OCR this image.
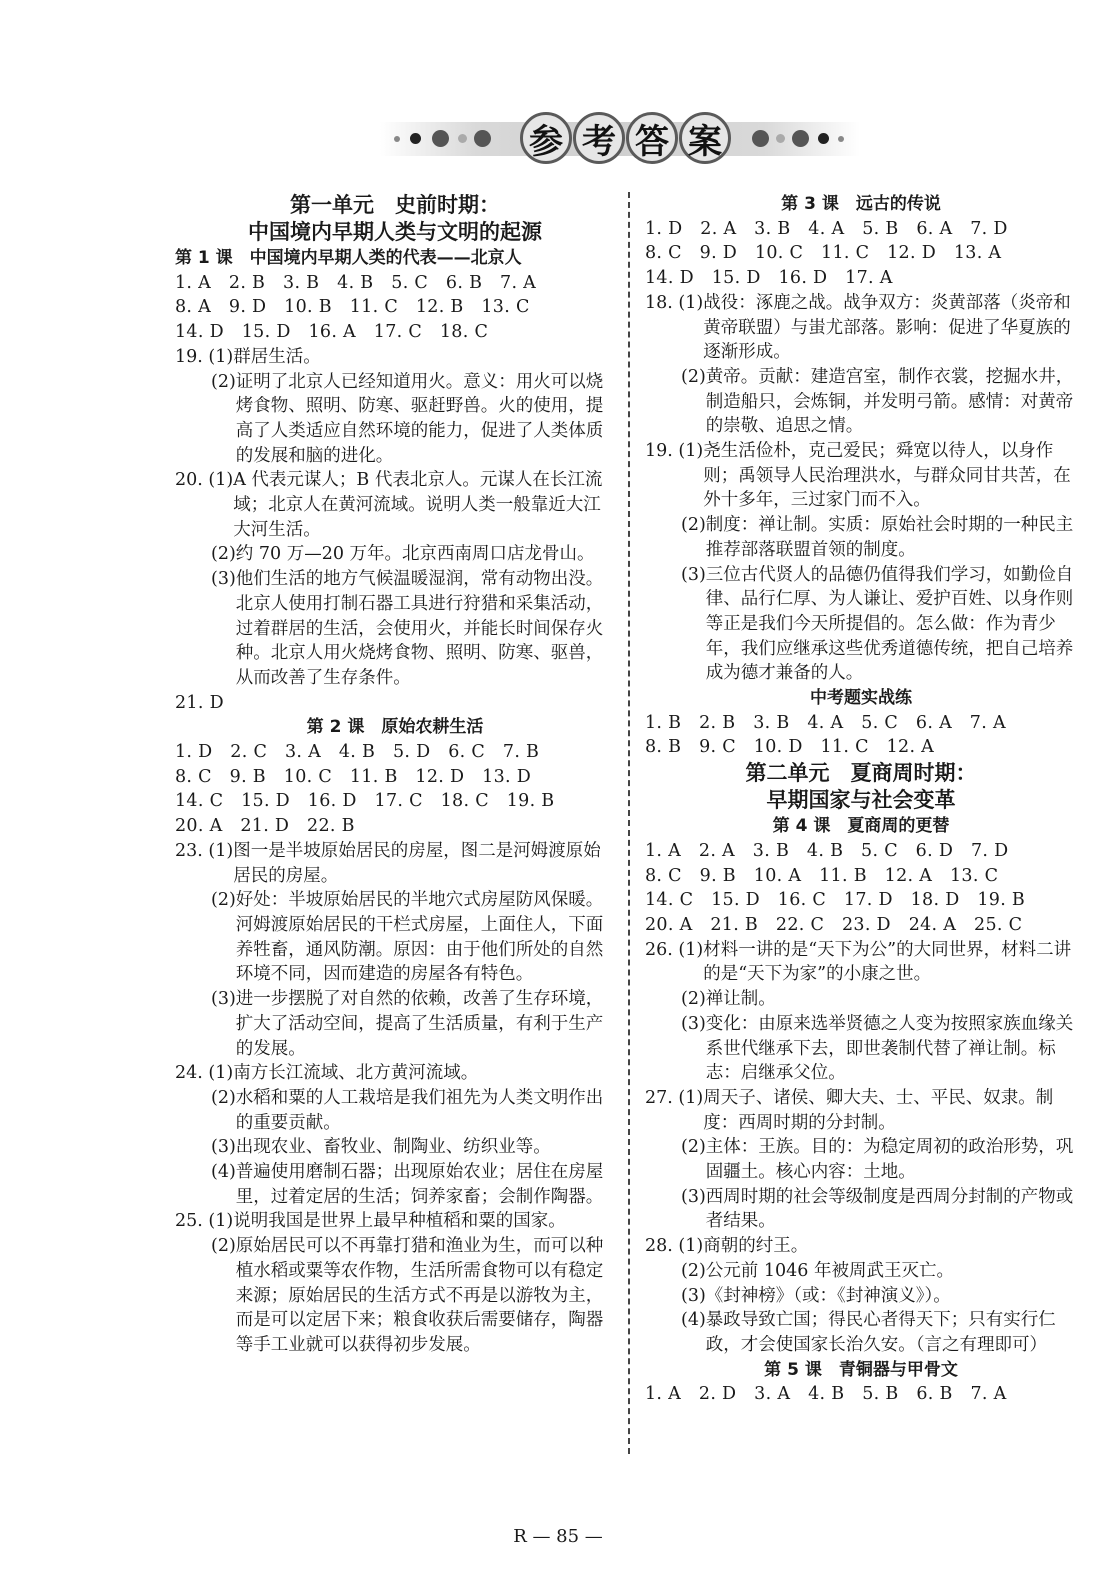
参 考 答 案
第一单元　史前时期：
中国境内早期人类与文明的起源
第 1 课　中国境内早期人类的代表——北京人
1. A　2. B　3. B　4. B　5. C　6. B　7. A
8. A　9. D　10. B　11. C　12. B　13. C
14. D　15. D　16. A　17. C　18. C
19. (1) 群居生活。
(2) 证明了北京人已经知道用火。意义：用火可以烧烤食物、照明、防寒、驱赶野兽。火的使用，提高了人类适应自然环境的能力，促进了人类体质的发展和脑的进化。
20. (1) A 代表元谋人；B 代表北京人。元谋人在长江流域；北京人在黄河流域。说明人类一般靠近大江大河生活。
(2) 约 70 万—20 万年。北京西南周口店龙骨山。
(3) 他们生活的地方气候温暖湿润，常有动物出没。北京人使用打制石器工具进行狩猎和采集活动，过着群居的生活，会使用火，并能长时间保存火种。北京人用火烧烤食物、照明、防寒、驱兽，从而改善了生存条件。
21. D
第 2 课　原始农耕生活
1. D　2. C　3. A　4. B　5. D　6. C　7. B
8. C　9. B　10. C　11. B　12. D　13. D
14. C　15. D　16. D　17. C　18. C　19. B
20. A　21. D　22. B
23. (1) 图一是半坡原始居民的房屋，图二是河姆渡原始居民的房屋。
(2) 好处：半坡原始居民的半地穴式房屋防风保暖。河姆渡原始居民的干栏式房屋，上面住人，下面养牲畜，通风防潮。原因：由于他们所处的自然环境不同，因而建造的房屋各有特色。
(3) 进一步摆脱了对自然的依赖，改善了生存环境，扩大了活动空间，提高了生活质量，有利于生产的发展。
24. (1) 南方长江流域、北方黄河流域。
(2) 水稻和粟的人工栽培是我们祖先为人类文明作出的重要贡献。
(3) 出现农业、畜牧业、制陶业、纺织业等。
(4) 普遍使用磨制石器；出现原始农业；居住在房屋里，过着定居的生活；饲养家畜；会制作陶器。
25. (1) 说明我国是世界上最早种植稻和粟的国家。
(2) 原始居民可以不再靠打猎和渔业为生，而可以种植水稻或粟等农作物，生活所需食物可以有稳定来源；原始居民的生活方式不再是以游牧为主，而是可以定居下来；粮食收获后需要储存，陶器等手工业就可以获得初步发展。
第 3 课　远古的传说
1. D　2. A　3. B　4. A　5. B　6. A　7. D
8. C　9. D　10. C　11. C　12. D　13. A
14. D　15. D　16. D　17. A
18. (1) 战役：涿鹿之战。战争双方：炎黄部落（炎帝和黄帝联盟）与蚩尤部落。影响：促进了华夏族的逐渐形成。
(2) 黄帝。贡献：建造宫室，制作衣裳，挖掘水井，制造船只，会炼铜，并发明弓箭。感情：对黄帝的崇敬、追思之情。
19. (1) 尧生活俭朴，克己爱民；舜宽以待人，以身作则；禹领导人民治理洪水，与群众同甘共苦，在外十多年，三过家门而不入。
(2) 制度：禅让制。实质：原始社会时期的一种民主推荐部落联盟首领的制度。
(3) 三位古代贤人的品德仍值得我们学习，如勤俭自律、品行仁厚、为人谦让、爱护百姓、以身作则等正是我们今天所提倡的。怎么做：作为青少年，我们应继承这些优秀道德传统，把自己培养成为德才兼备的人。
中考题实战练
1. B　2. B　3. B　4. A　5. C　6. A　7. A
8. B　9. C　10. D　11. C　12. A
第二单元　夏商周时期：
早期国家与社会变革
第 4 课　夏商周的更替
1. A　2. A　3. B　4. B　5. C　6. D　7. D
8. C　9. B　10. A　11. B　12. A　13. C
14. C　15. D　16. C　17. D　18. D　19. B
20. A　21. B　22. C　23. D　24. A　25. C
26. (1) 材料一讲的是“天下为公”的大同世界，材料二讲的是“天下为家”的小康之世。
(2) 禅让制。
(3) 变化：由原来选举贤德之人变为按照家族血缘关系世代继承下去，即世袭制代替了禅让制。标志：启继承父位。
27. (1) 周天子、诸侯、卿大夫、士、平民、奴隶。制度：西周时期的分封制。
(2) 主体：王族。目的：为稳定周初的政治形势，巩固疆土。核心内容：土地。
(3) 西周时期的社会等级制度是西周分封制的产物或者结果。
28. (1) 商朝的纣王。
(2) 公元前 1046 年被周武王灭亡。
(3) 《封神榜》（或：《封神演义》）。
(4) 暴政导致亡国；得民心者得天下；只有实行仁政，才会使国家长治久安。（言之有理即可）
第 5 课　青铜器与甲骨文
1. A　2. D　3. A　4. B　5. B　6. B　7. A
R — 85 —
